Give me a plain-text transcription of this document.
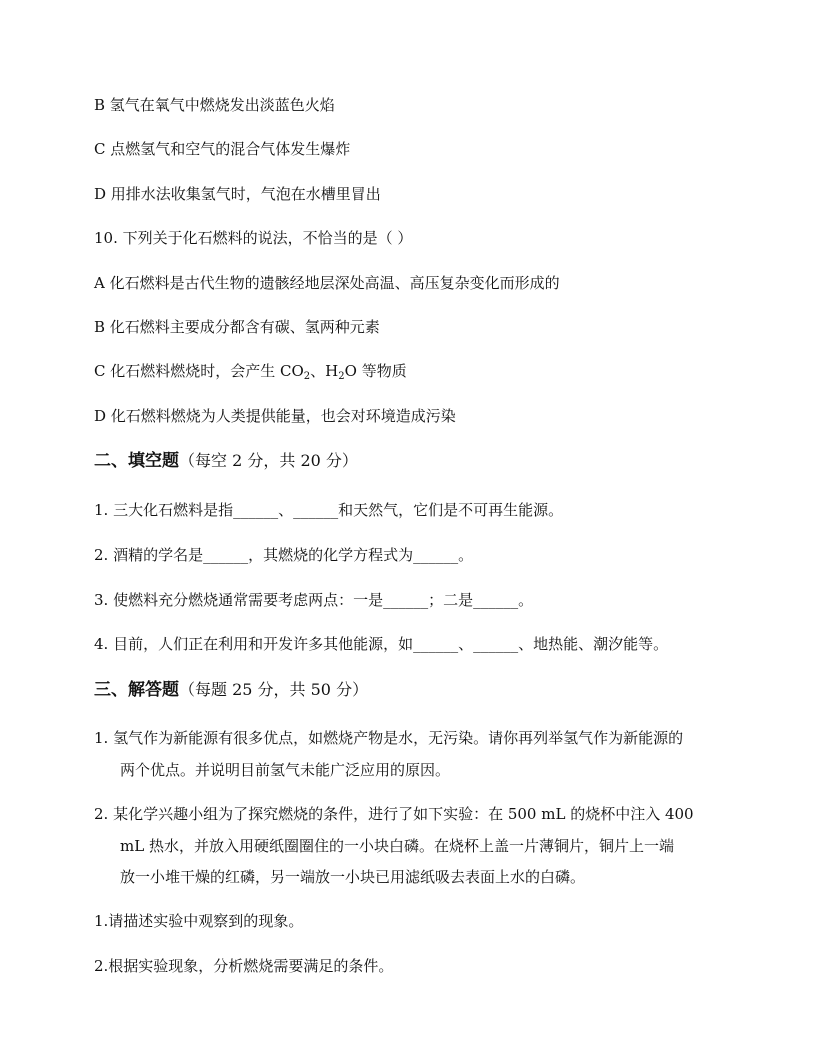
B 氢气在氧气中燃烧发出淡蓝色火焰
C 点燃氢气和空气的混合气体发生爆炸
D 用排水法收集氢气时，气泡在水槽里冒出
10. 下列关于化石燃料的说法，不恰当的是（ ）
A 化石燃料是古代生物的遗骸经地层深处高温、高压复杂变化而形成的
B 化石燃料主要成分都含有碳、氢两种元素
C 化石燃料燃烧时，会产生 $CO_2$、$H_2O$ 等物质
D 化石燃料燃烧为人类提供能量，也会对环境造成污染
二、填空题（每空 2 分，共 20 分）
1. 三大化石燃料是指______、______和天然气，它们是不可再生能源。
2. 酒精的学名是______，其燃烧的化学方程式为______。
3. 使燃料充分燃烧通常需要考虑两点：一是______；二是______。
4. 目前，人们正在利用和开发许多其他能源，如______、______、地热能、潮汐能等。
三、解答题（每题 25 分，共 50 分）
1. 氢气作为新能源有很多优点，如燃烧产物是水，无污染。请你再列举氢气作为新能源的
两个优点。并说明目前氢气未能广泛应用的原因。
2. 某化学兴趣小组为了探究燃烧的条件，进行了如下实验：在 500 mL 的烧杯中注入 400
mL 热水，并放入用硬纸圈圈住的一小块白磷。在烧杯上盖一片薄铜片，铜片上一端
放一小堆干燥的红磷，另一端放一小块已用滤纸吸去表面上水的白磷。
1.请描述实验中观察到的现象。
2.根据实验现象，分析燃烧需要满足的条件。
